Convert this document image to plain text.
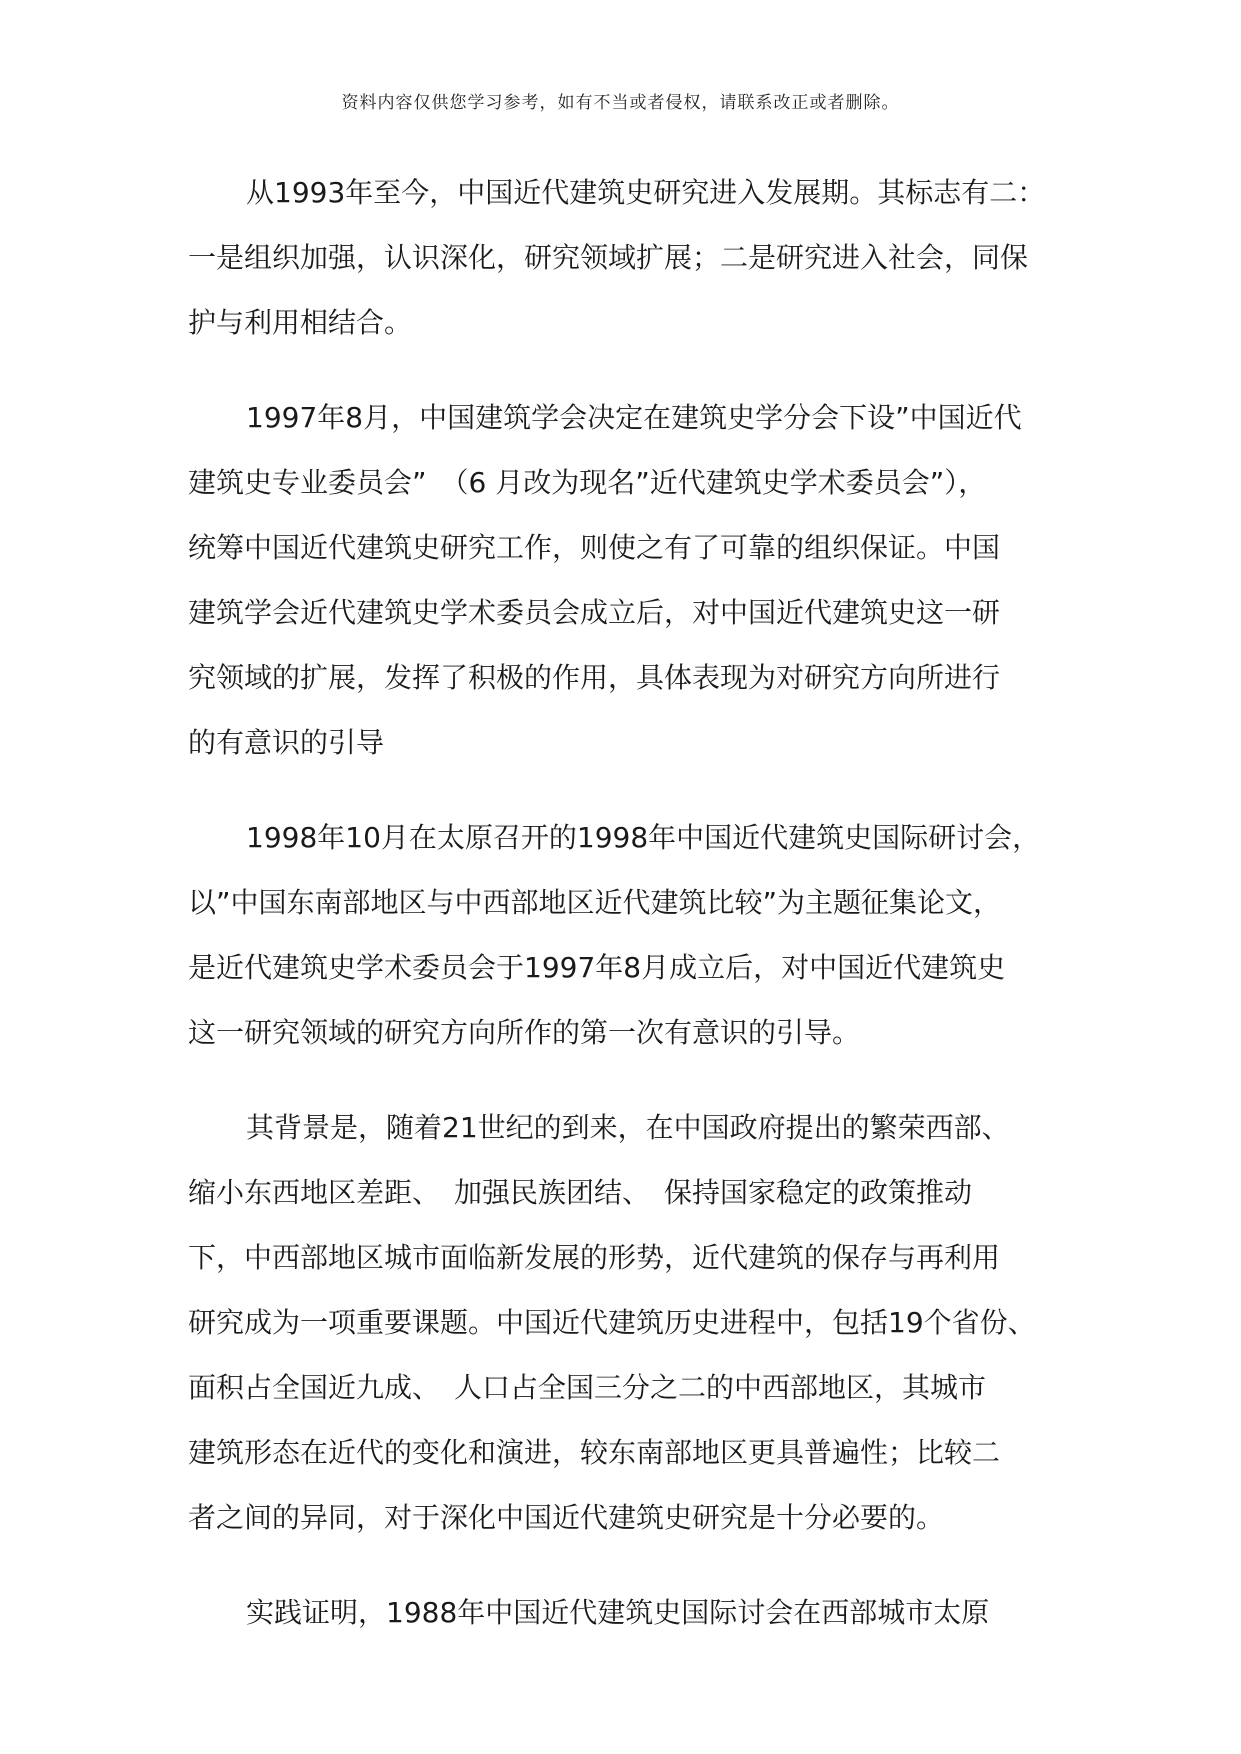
资料内容仅供您学习参考，如有不当或者侵权，请联系改正或者删除。
从1993年至今，中国近代建筑史研究进入发展期。其标志有二：
一是组织加强，认识深化，研究领域扩展；二是研究进入社会，同保
护与利用相结合。
1997年8月，中国建筑学会决定在建筑史学分会下设”中国近代
建筑史专业委员会”　（6 月改为现名”近代建筑史学术委员会”），
统筹中国近代建筑史研究工作，则使之有了可靠的组织保证。中国
建筑学会近代建筑史学术委员会成立后，对中国近代建筑史这一研
究领域的扩展，发挥了积极的作用，具体表现为对研究方向所进行
的有意识的引导
1998年10月在太原召开的1998年中国近代建筑史国际研讨会，
以”中国东南部地区与中西部地区近代建筑比较”为主题征集论文，
是近代建筑史学术委员会于1997年8月成立后，对中国近代建筑史
这一研究领域的研究方向所作的第一次有意识的引导。
其背景是，随着21世纪的到来，在中国政府提出的繁荣西部、
缩小东西地区差距、　加强民族团结、　保持国家稳定的政策推动
下，中西部地区城市面临新发展的形势，近代建筑的保存与再利用
研究成为一项重要课题。中国近代建筑历史进程中，包括19个省份、
面积占全国近九成、　人口占全国三分之二的中西部地区，其城市
建筑形态在近代的变化和演进，较东南部地区更具普遍性；比较二
者之间的异同，对于深化中国近代建筑史研究是十分必要的。
实践证明，1988年中国近代建筑史国际讨会在西部城市太原
